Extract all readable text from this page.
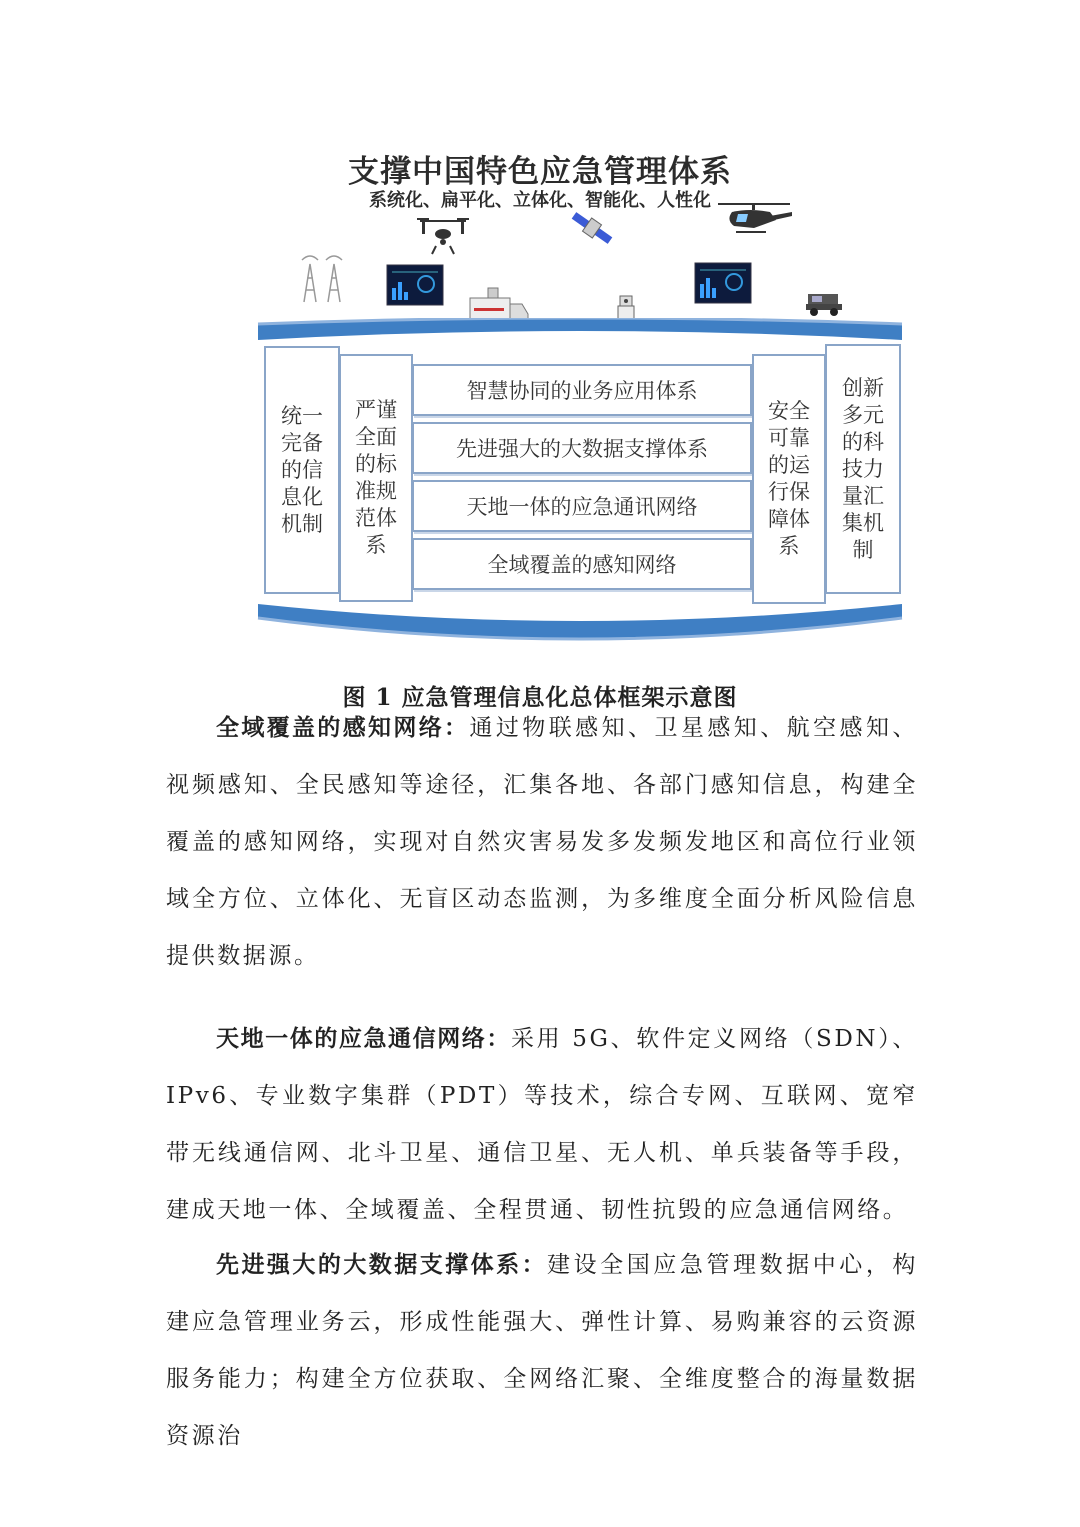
支撑中国特色应急管理体系
系统化、扁平化、立体化、智能化、人性化
统一完备的信息化机制
严谨全面的标准规范体系
智慧协同的业务应用体系
先进强大的大数据支撑体系
天地一体的应急通讯网络
全域覆盖的感知网络
安全可靠的运行保障体系
创新多元的科技力量汇集机制
图 1 应急管理信息化总体框架示意图

全域覆盖的感知网络：通过物联感知、卫星感知、航空感知、视频感知、全民感知等途径，汇集各地、各部门感知信息，构建全覆盖的感知网络，实现对自然灾害易发多发频发地区和高位行业领域全方位、立体化、无盲区动态监测，为多维度全面分析风险信息提供数据源。

天地一体的应急通信网络：采用 5G、软件定义网络（SDN）、IPv6、专业数字集群（PDT）等技术，综合专网、互联网、宽窄带无线通信网、北斗卫星、通信卫星、无人机、单兵装备等手段，建成天地一体、全域覆盖、全程贯通、韧性抗毁的应急通信网络。

先进强大的大数据支撑体系：建设全国应急管理数据中心，构建应急管理业务云，形成性能强大、弹性计算、易购兼容的云资源服务能力；构建全方位获取、全网络汇聚、全维度整合的海量数据资源治
